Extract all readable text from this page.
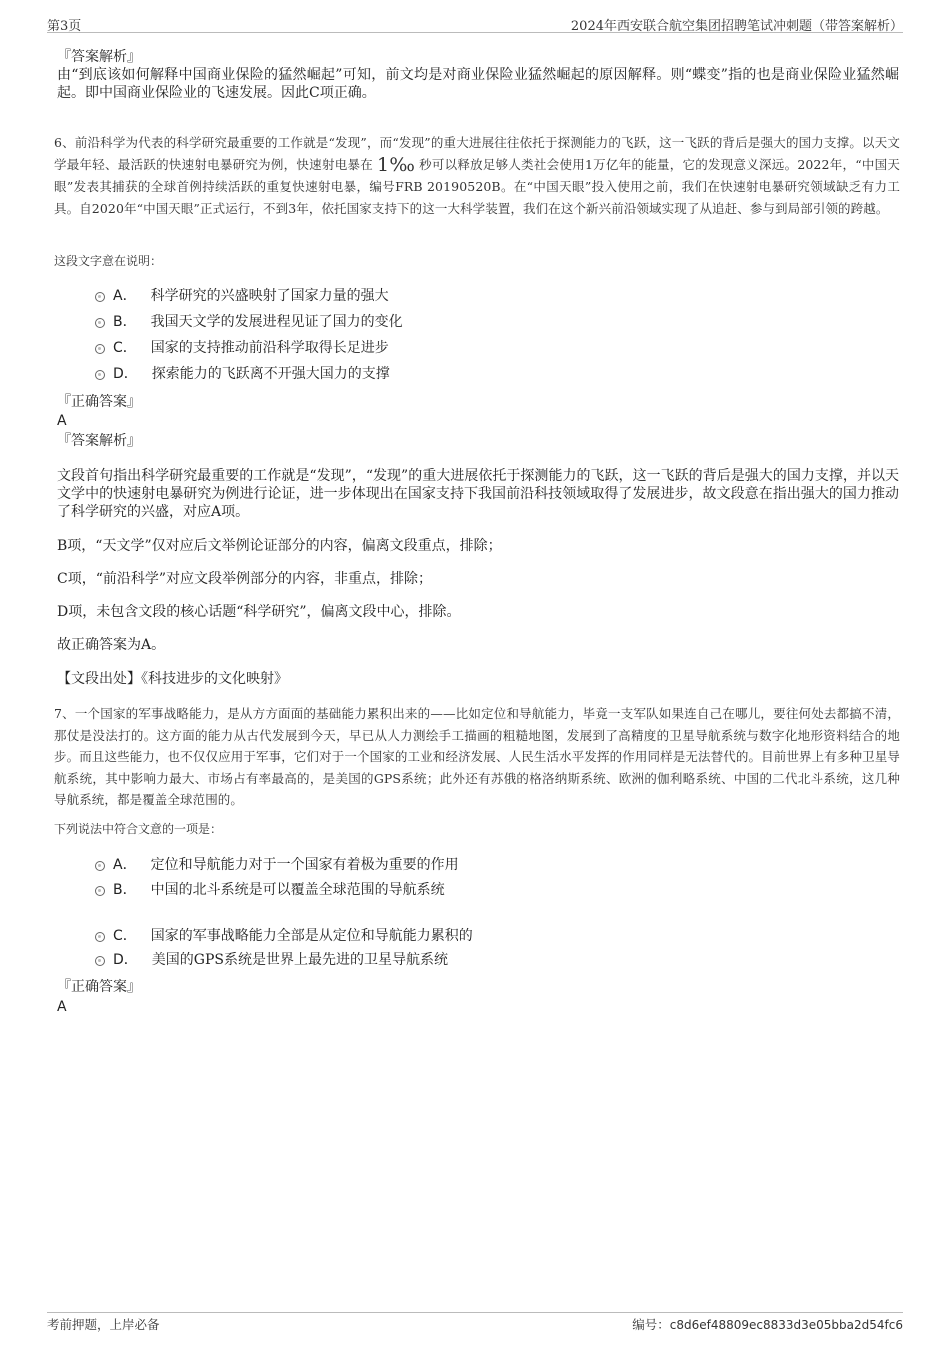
第3页	2024年西安联合航空集团招聘笔试冲刺题（带答案解析）
『答案解析』
由“到底该如何解释中国商业保险的猛然崛起”可知，前文均是对商业保险业猛然崛起的原因解释。则“蝶变”指的也是商业保险业猛然崛起。即中国商业保险业的飞速发展。因此C项正确。
6、前沿科学为代表的科学研究最重要的工作就是“发现”，而“发现”的重大进展往往依托于探测能力的飞跃，这一飞跃的背后是强大的国力支撑。以天文学最年轻、最活跃的快速射电暴研究为例，快速射电暴在 1‰ 秒可以释放足够人类社会使用1万亿年的能量，它的发现意义深远。2022年，“中国天眼”发表其捕获的全球首例持续活跃的重复快速射电暴，编号FRB 20190520B。在“中国天眼”投入使用之前，我们在快速射电暴研究领域缺乏有力工具。自2020年“中国天眼”正式运行，不到3年，依托国家支持下的这一大科学装置，我们在这个新兴前沿领域实现了从追赶、参与到局部引领的跨越。
这段文字意在说明：
A． 科学研究的兴盛映射了国家力量的强大
B． 我国天文学的发展进程见证了国力的变化
C． 国家的支持推动前沿科学取得长足进步
D． 探索能力的飞跃离不开强大国力的支撑
『正确答案』
A
『答案解析』
文段首句指出科学研究最重要的工作就是“发现”，“发现”的重大进展依托于探测能力的飞跃，这一飞跃的背后是强大的国力支撑，并以天文学中的快速射电暴研究为例进行论证，进一步体现出在国家支持下我国前沿科技领域取得了发展进步，故文段意在指出强大的国力推动了科学研究的兴盛，对应A项。
B项，“天文学”仅对应后文举例论证部分的内容，偏离文段重点，排除；
C项，“前沿科学”对应文段举例部分的内容，非重点，排除；
D项，未包含文段的核心话题“科学研究”，偏离文段中心，排除。
故正确答案为A。
【文段出处】《科技进步的文化映射》
7、一个国家的军事战略能力，是从方方面面的基础能力累积出来的——比如定位和导航能力，毕竟一支军队如果连自己在哪儿，要往何处去都搞不清，那仗是没法打的。这方面的能力从古代发展到今天，早已从人力测绘手工描画的粗糙地图，发展到了高精度的卫星导航系统与数字化地形资料结合的地步。而且这些能力，也不仅仅应用于军事，它们对于一个国家的工业和经济发展、人民生活水平发挥的作用同样是无法替代的。目前世界上有多种卫星导航系统，其中影响力最大、市场占有率最高的，是美国的GPS系统；此外还有苏俄的格洛纳斯系统、欧洲的伽利略系统、中国的二代北斗系统，这几种导航系统，都是覆盖全球范围的。
下列说法中符合文意的一项是：
A． 定位和导航能力对于一个国家有着极为重要的作用
B． 中国的北斗系统是可以覆盖全球范围的导航系统
C． 国家的军事战略能力全部是从定位和导航能力累积的
D． 美国的GPS系统是世界上最先进的卫星导航系统
『正确答案』
A
考前押题，上岸必备	编号：c8d6ef48809ec8833d3e05bba2d54fc6
